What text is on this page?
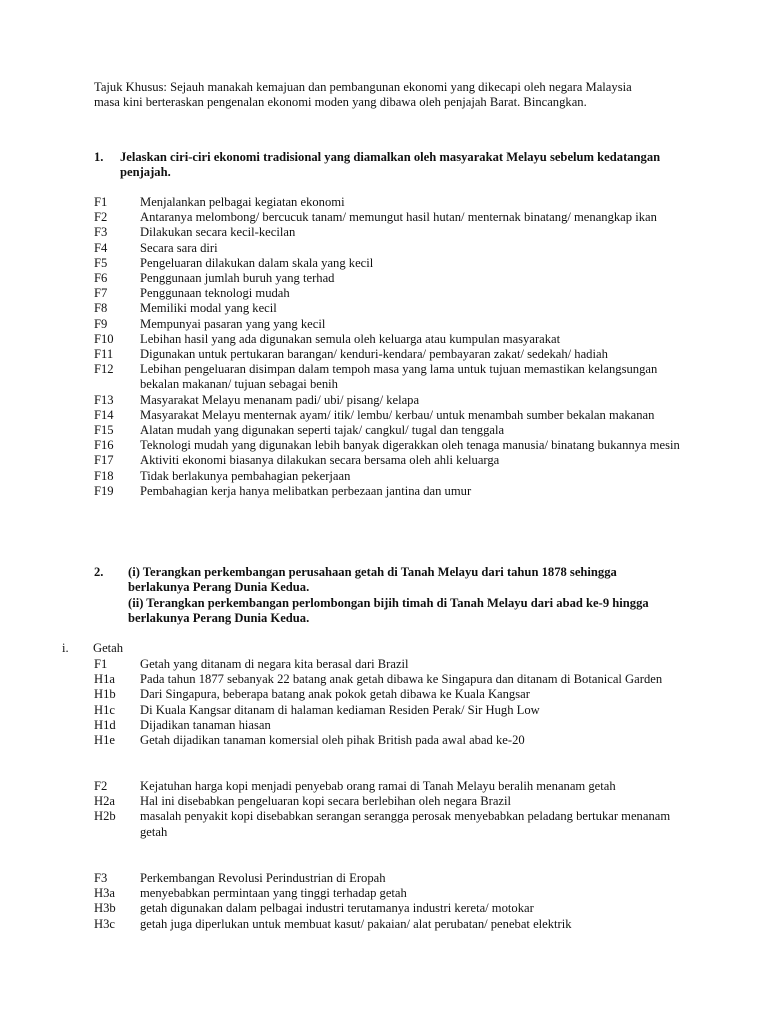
Tajuk Khusus: Sejauh manakah kemajuan dan pembangunan ekonomi yang dikecapi oleh negara Malaysia masa kini berteraskan pengenalan ekonomi moden yang dibawa oleh penjajah Barat. Bincangkan.
1. Jelaskan ciri-ciri ekonomi tradisional yang diamalkan oleh masyarakat Melayu sebelum kedatangan penjajah.
F1	Menjalankan pelbagai kegiatan ekonomi
F2	Antaranya melombong/ bercucuk tanam/ memungut hasil hutan/ menternak binatang/ menangkap ikan
F3	Dilakukan secara kecil-kecilan
F4	Secara sara diri
F5	Pengeluaran dilakukan dalam skala yang kecil
F6	Penggunaan jumlah buruh yang terhad
F7	Penggunaan teknologi mudah
F8	Memiliki modal yang kecil
F9	Mempunyai pasaran yang yang kecil
F10	Lebihan hasil yang ada digunakan semula oleh keluarga atau kumpulan masyarakat
F11	Digunakan untuk pertukaran barangan/ kenduri-kendara/ pembayaran zakat/ sedekah/ hadiah
F12	Lebihan pengeluaran disimpan dalam tempoh masa yang lama untuk tujuan memastikan kelangsungan bekalan makanan/ tujuan sebagai benih
F13	Masyarakat Melayu menanam padi/ ubi/ pisang/ kelapa
F14	Masyarakat Melayu menternak ayam/ itik/ lembu/ kerbau/ untuk menambah sumber bekalan makanan
F15	Alatan mudah yang digunakan seperti tajak/ cangkul/ tugal dan tenggala
F16	Teknologi mudah yang digunakan lebih banyak digerakkan oleh tenaga manusia/ binatang bukannya mesin
F17	Aktiviti ekonomi biasanya dilakukan secara bersama oleh ahli keluarga
F18	Tidak berlakunya pembahagian pekerjaan
F19	Pembahagian kerja hanya melibatkan perbezaan jantina dan umur
2. (i) Terangkan perkembangan perusahaan getah di Tanah Melayu dari tahun 1878 sehingga berlakunya Perang Dunia Kedua.
(ii) Terangkan perkembangan perlombongan bijih timah di Tanah Melayu dari abad ke-9 hingga berlakunya Perang Dunia Kedua.
i. Getah
F1	Getah yang ditanam di negara kita berasal dari Brazil
H1a	Pada tahun 1877 sebanyak 22 batang anak getah dibawa ke Singapura dan ditanam di Botanical Garden
H1b	Dari Singapura, beberapa batang anak pokok getah dibawa ke Kuala Kangsar
H1c	Di Kuala Kangsar ditanam di halaman kediaman Residen Perak/ Sir Hugh Low
H1d	Dijadikan tanaman hiasan
H1e	Getah dijadikan tanaman komersial oleh pihak British pada awal abad ke-20
F2	Kejatuhan harga kopi menjadi penyebab orang ramai di Tanah Melayu beralih menanam getah
H2a	Hal ini disebabkan pengeluaran kopi secara berlebihan oleh negara Brazil
H2b	masalah penyakit kopi disebabkan serangan serangga perosak menyebabkan peladang bertukar menanam getah
F3	Perkembangan Revolusi Perindustrian di Eropah
H3a	menyebabkan permintaan yang tinggi terhadap getah
H3b	getah digunakan dalam pelbagai industri terutamanya industri kereta/ motokar
H3c	getah juga diperlukan untuk membuat kasut/ pakaian/ alat perubatan/ penebat elektrik
